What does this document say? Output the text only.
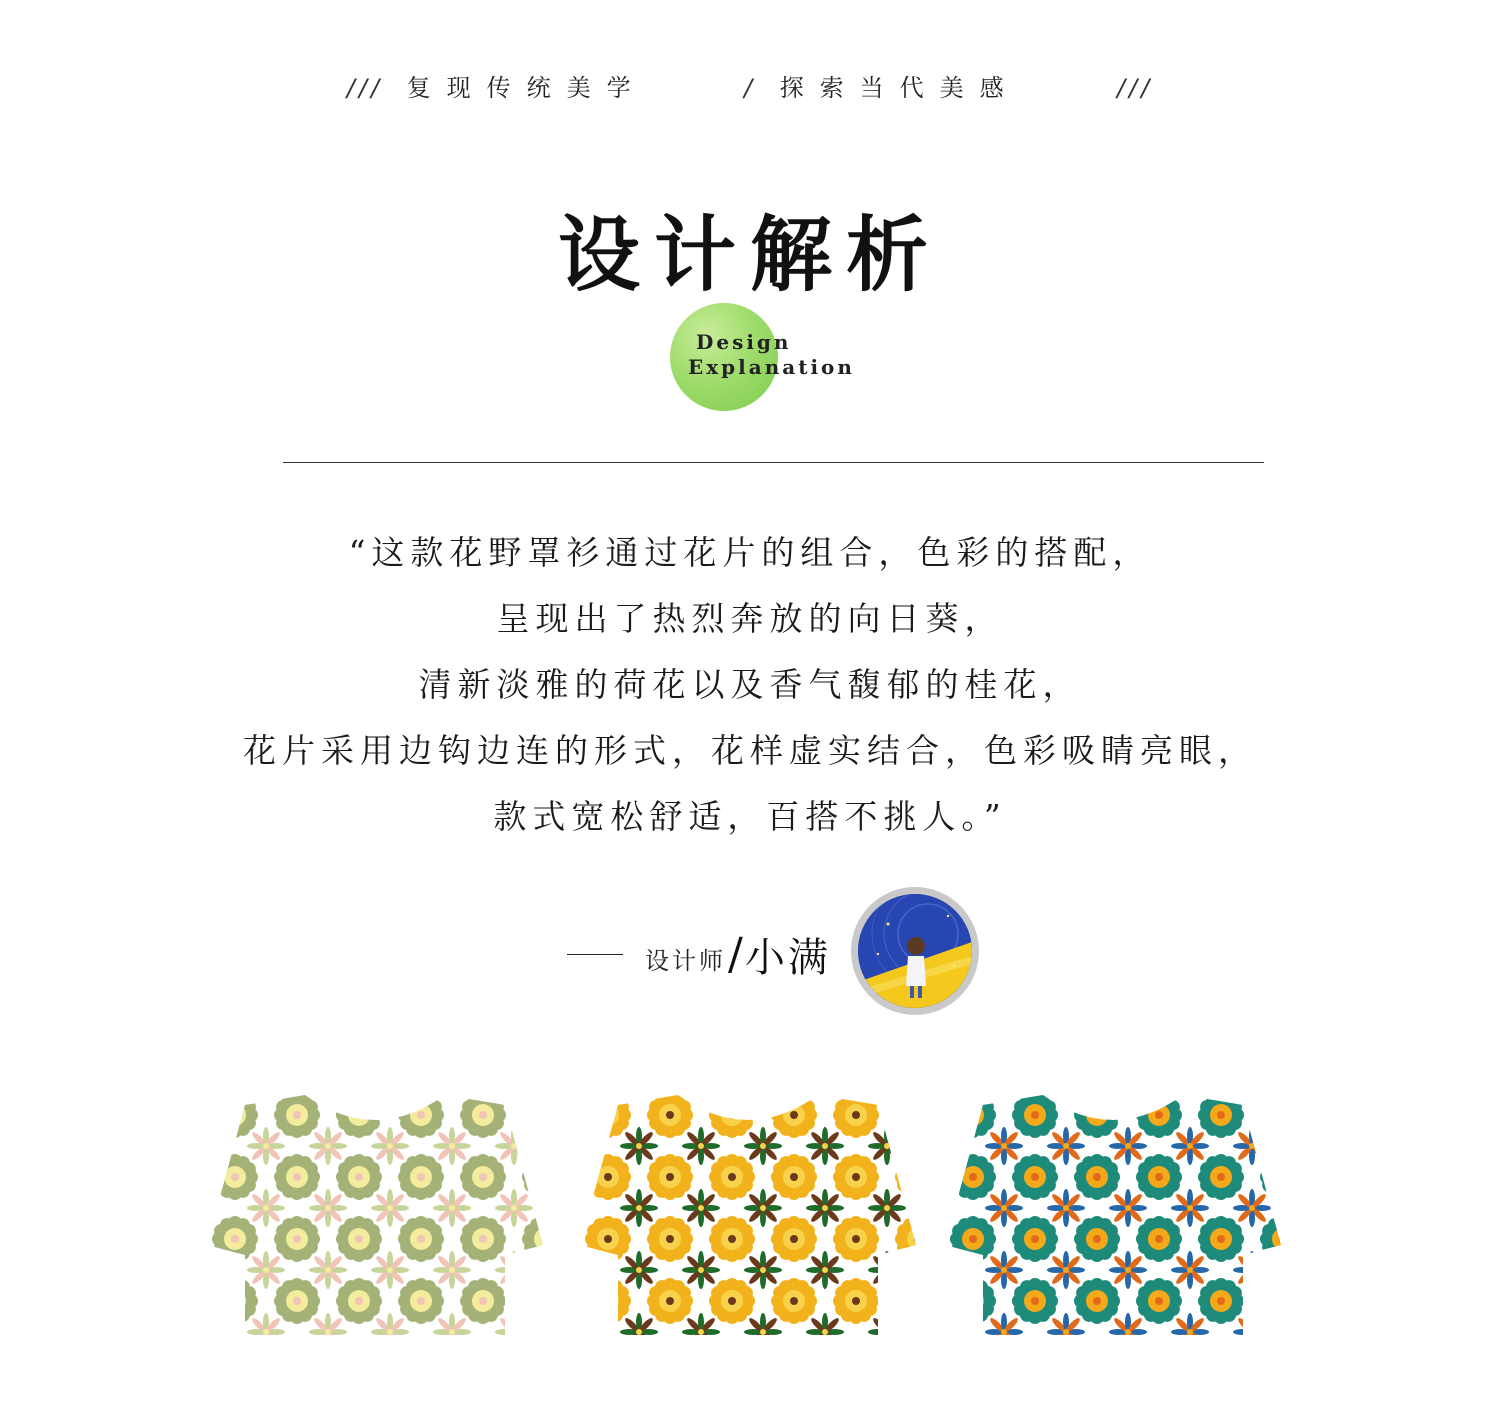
/// 复现传统美学	/ 探索当代美感	///
设计解析
Design
Explanation
“这款花野罩衫通过花片的组合，色彩的搭配，
呈现出了热烈奔放的向日葵，
清新淡雅的荷花以及香气馥郁的桂花，
花片采用边钩边连的形式，花样虚实结合，色彩吸睛亮眼，
款式宽松舒适，百搭不挑人。”
设计师 / 小满
